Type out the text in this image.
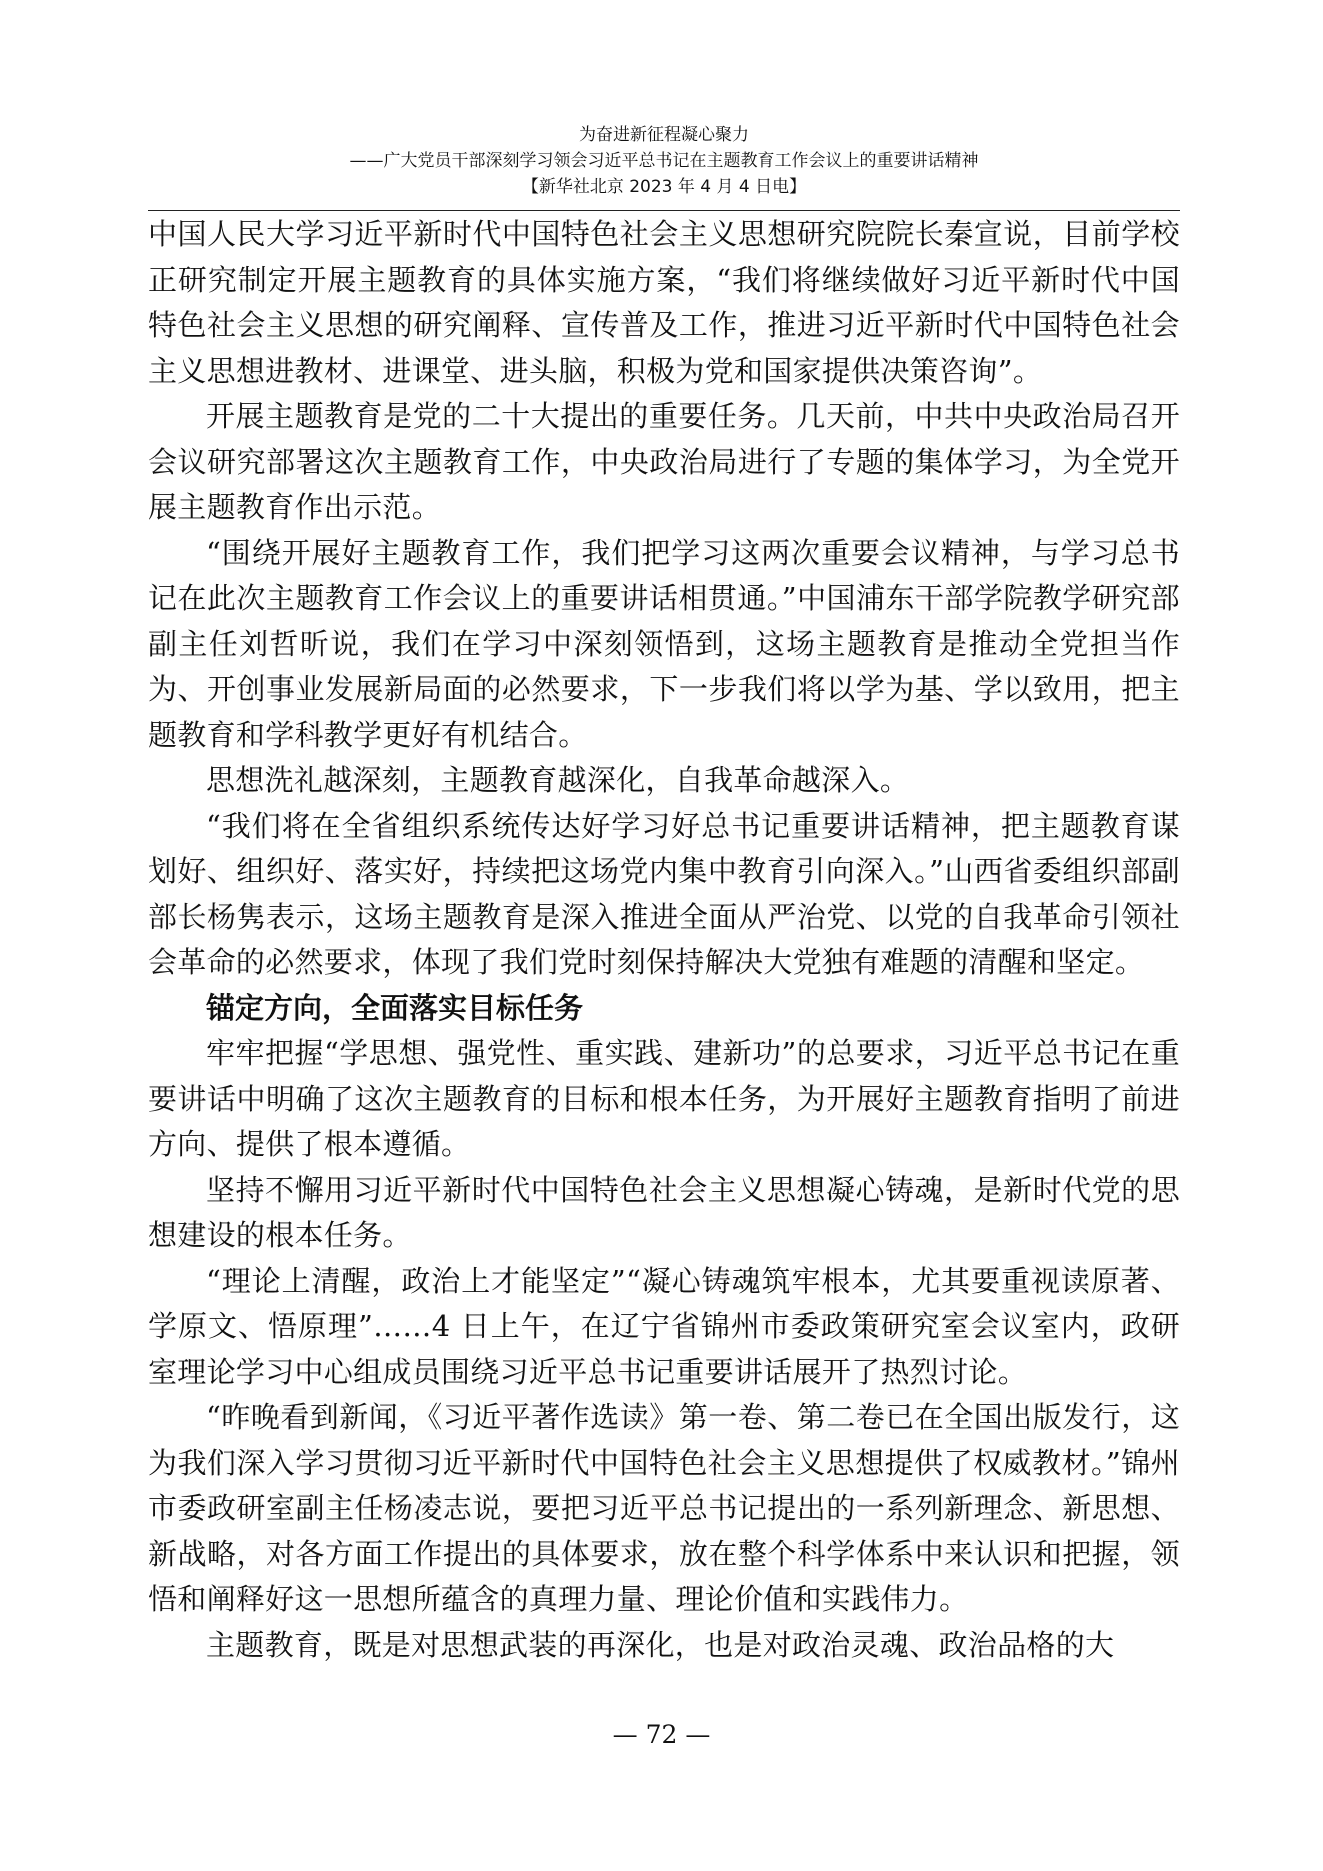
为奋进新征程凝心聚力
——广大党员干部深刻学习领会习近平总书记在主题教育工作会议上的重要讲话精神
【新华社北京 2023 年 4 月 4 日电】

中国人民大学习近平新时代中国特色社会主义思想研究院院长秦宣说，目前学校正研究制定开展主题教育的具体实施方案，“我们将继续做好习近平新时代中国特色社会主义思想的研究阐释、宣传普及工作，推进习近平新时代中国特色社会主义思想进教材、进课堂、进头脑，积极为党和国家提供决策咨询”。

开展主题教育是党的二十大提出的重要任务。几天前，中共中央政治局召开会议研究部署这次主题教育工作，中央政治局进行了专题的集体学习，为全党开展主题教育作出示范。

“围绕开展好主题教育工作，我们把学习这两次重要会议精神，与学习总书记在此次主题教育工作会议上的重要讲话相贯通。”中国浦东干部学院教学研究部副主任刘哲昕说，我们在学习中深刻领悟到，这场主题教育是推动全党担当作为、开创事业发展新局面的必然要求，下一步我们将以学为基、学以致用，把主题教育和学科教学更好有机结合。

思想洗礼越深刻，主题教育越深化，自我革命越深入。

“我们将在全省组织系统传达好学习好总书记重要讲话精神，把主题教育谋划好、组织好、落实好，持续把这场党内集中教育引向深入。”山西省委组织部副部长杨隽表示，这场主题教育是深入推进全面从严治党、以党的自我革命引领社会革命的必然要求，体现了我们党时刻保持解决大党独有难题的清醒和坚定。

锚定方向，全面落实目标任务

牢牢把握“学思想、强党性、重实践、建新功”的总要求，习近平总书记在重要讲话中明确了这次主题教育的目标和根本任务，为开展好主题教育指明了前进方向、提供了根本遵循。

坚持不懈用习近平新时代中国特色社会主义思想凝心铸魂，是新时代党的思想建设的根本任务。

“理论上清醒，政治上才能坚定”“凝心铸魂筑牢根本，尤其要重视读原著、学原文、悟原理”……4 日上午，在辽宁省锦州市委政策研究室会议室内，政研室理论学习中心组成员围绕习近平总书记重要讲话展开了热烈讨论。

“昨晚看到新闻，《习近平著作选读》第一卷、第二卷已在全国出版发行，这为我们深入学习贯彻习近平新时代中国特色社会主义思想提供了权威教材。”锦州市委政研室副主任杨凌志说，要把习近平总书记提出的一系列新理念、新思想、新战略，对各方面工作提出的具体要求，放在整个科学体系中来认识和把握，领悟和阐释好这一思想所蕴含的真理力量、理论价值和实践伟力。

主题教育，既是对思想武装的再深化，也是对政治灵魂、政治品格的大

— 72 —
